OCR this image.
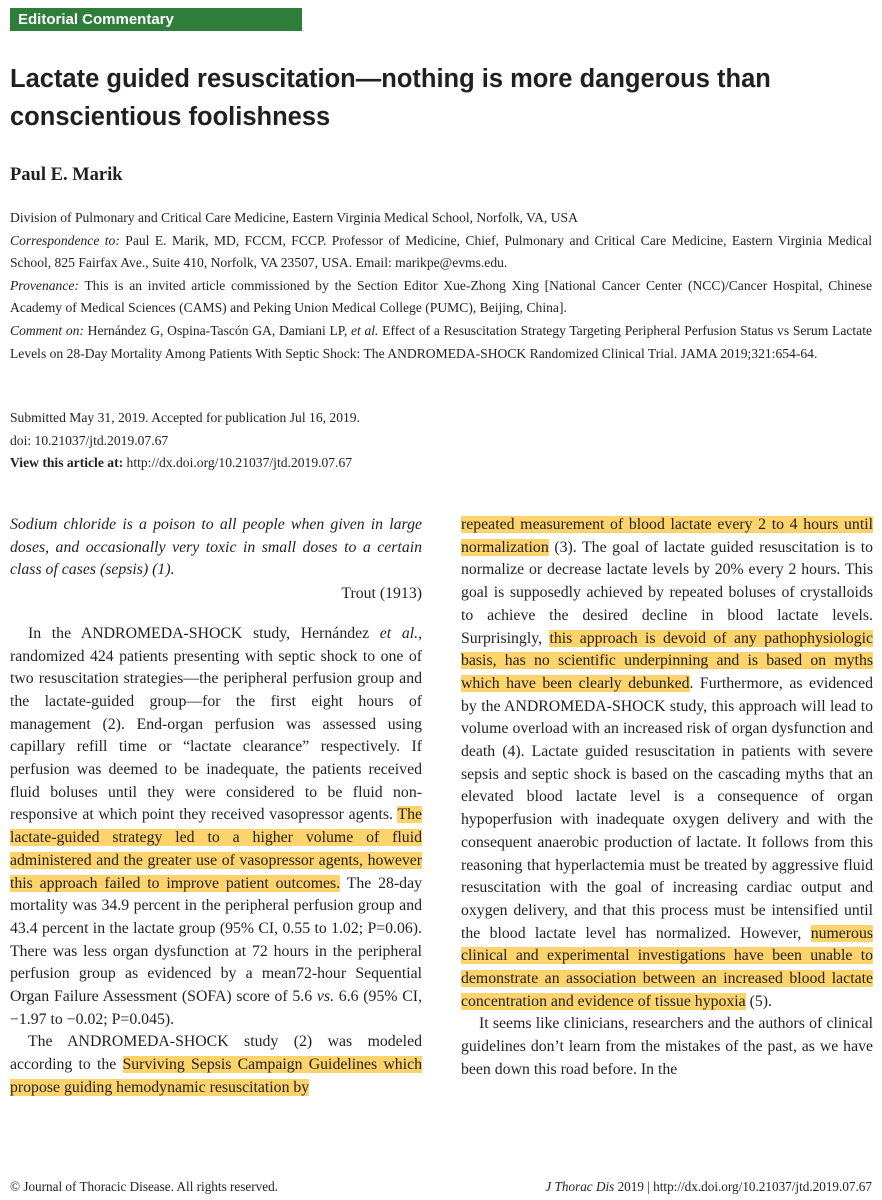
Editorial Commentary
Lactate guided resuscitation—nothing is more dangerous than conscientious foolishness

Paul E. Marik

Division of Pulmonary and Critical Care Medicine, Eastern Virginia Medical School, Norfolk, VA, USA

Correspondence to: Paul E. Marik, MD, FCCM, FCCP. Professor of Medicine, Chief, Pulmonary and Critical Care Medicine, Eastern Virginia Medical School, 825 Fairfax Ave., Suite 410, Norfolk, VA 23507, USA. Email: marikpe@evms.edu.

Provenance: This is an invited article commissioned by the Section Editor Xue-Zhong Xing [National Cancer Center (NCC)/Cancer Hospital, Chinese Academy of Medical Sciences (CAMS) and Peking Union Medical College (PUMC), Beijing, China].

Comment on: Hernández G, Ospina-Tascón GA, Damiani LP, et al. Effect of a Resuscitation Strategy Targeting Peripheral Perfusion Status vs Serum Lactate Levels on 28-Day Mortality Among Patients With Septic Shock: The ANDROMEDA-SHOCK Randomized Clinical Trial. JAMA 2019;321:654-64.

Submitted May 31, 2019. Accepted for publication Jul 16, 2019.

doi: 10.21037/jtd.2019.07.67

View this article at: http://dx.doi.org/10.21037/jtd.2019.07.67

Sodium chloride is a poison to all people when given in large doses, and occasionally very toxic in small doses to a certain class of cases (sepsis) (1).

Trout (1913)

In the ANDROMEDA-SHOCK study, Hernández et al., randomized 424 patients presenting with septic shock to one of two resuscitation strategies—the peripheral perfusion group and the lactate-guided group—for the first eight hours of management (2). End-organ perfusion was assessed using capillary refill time or “lactate clearance” respectively. If perfusion was deemed to be inadequate, the patients received fluid boluses until they were considered to be fluid non-responsive at which point they received vasopressor agents. The lactate-guided strategy led to a higher volume of fluid administered and the greater use of vasopressor agents, however this approach failed to improve patient outcomes. The 28-day mortality was 34.9 percent in the peripheral perfusion group and 43.4 percent in the lactate group (95% CI, 0.55 to 1.02; P=0.06). There was less organ dysfunction at 72 hours in the peripheral perfusion group as evidenced by a mean72-hour Sequential Organ Failure Assessment (SOFA) score of 5.6 vs. 6.6 (95% CI, −1.97 to −0.02; P=0.045).

The ANDROMEDA-SHOCK study (2) was modeled according to the Surviving Sepsis Campaign Guidelines which propose guiding hemodynamic resuscitation by

repeated measurement of blood lactate every 2 to 4 hours until normalization (3). The goal of lactate guided resuscitation is to normalize or decrease lactate levels by 20% every 2 hours. This goal is supposedly achieved by repeated boluses of crystalloids to achieve the desired decline in blood lactate levels. Surprisingly, this approach is devoid of any pathophysiologic basis, has no scientific underpinning and is based on myths which have been clearly debunked. Furthermore, as evidenced by the ANDROMEDA-SHOCK study, this approach will lead to volume overload with an increased risk of organ dysfunction and death (4). Lactate guided resuscitation in patients with severe sepsis and septic shock is based on the cascading myths that an elevated blood lactate level is a consequence of organ hypoperfusion with inadequate oxygen delivery and with the consequent anaerobic production of lactate. It follows from this reasoning that hyperlactemia must be treated by aggressive fluid resuscitation with the goal of increasing cardiac output and oxygen delivery, and that this process must be intensified until the blood lactate level has normalized. However, numerous clinical and experimental investigations have been unable to demonstrate an association between an increased blood lactate concentration and evidence of tissue hypoxia (5).

It seems like clinicians, researchers and the authors of clinical guidelines don’t learn from the mistakes of the past, as we have been down this road before. In the

© Journal of Thoracic Disease. All rights reserved.	J Thorac Dis 2019 | http://dx.doi.org/10.21037/jtd.2019.07.67
